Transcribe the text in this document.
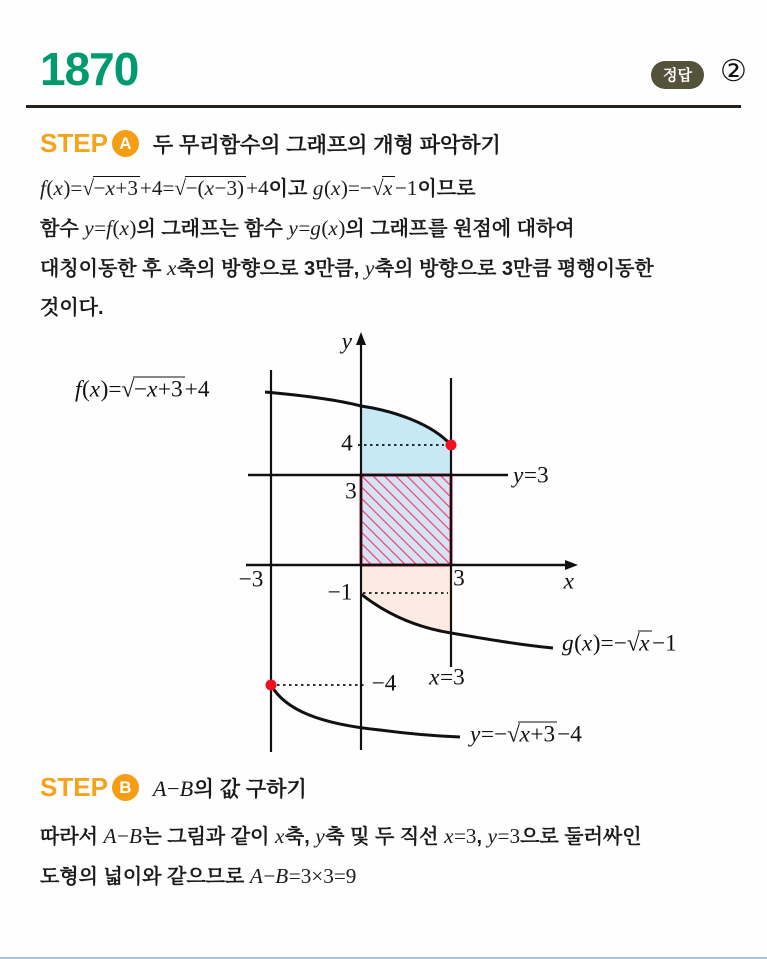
1870	정답 ②
STEP A	두 무리함수의 그래프의 개형 파악하기
f(x)=√−x+3+4=√−(x−3)+4이고 g(x)=−√x−1이므로
함수 y=f(x)의 그래프는 함수 y=g(x)의 그래프를 원점에 대하여
대칭이동한 후 x축의 방향으로 3만큼, y축의 방향으로 3만큼 평행이동한
것이다.
y
x
f(x)=√−x+3+4
4
3
y=3
−3	3
−1
g(x)=−√x−1
−4 x=3
y=−√x+3−4
STEP B A−B의 값 구하기
따라서 A−B는 그림과 같이 x축, y축 및 두 직선 x=3, y=3으로 둘러싸인
도형의 넓이와 같으므로 A−B=3×3=9
